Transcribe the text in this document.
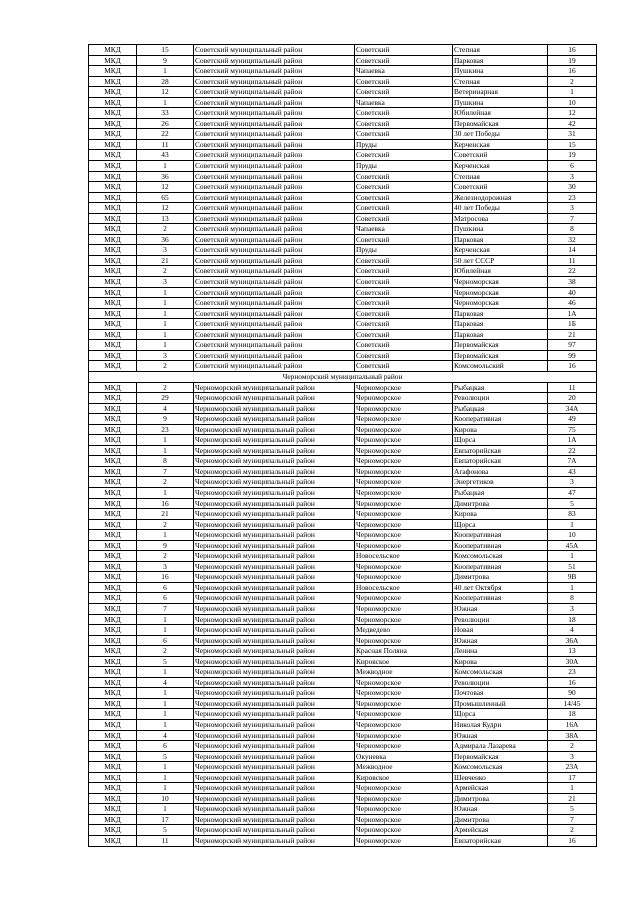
МКД	15	Советский муниципальный район	Советский	Степная	16
МКД	9	Советский муниципальный район	Советский	Парковая	19
МКД	1	Советский муниципальный район	Чапаевка	Пушкина	16
МКД	28	Советский муниципальный район	Советский	Степная	2
МКД	12	Советский муниципальный район	Советский	Ветеринарная	1
МКД	1	Советский муниципальный район	Чапаевка	Пушкина	10
МКД	33	Советский муниципальный район	Советский	Юбилейная	12
МКД	26	Советский муниципальный район	Советский	Первомайская	42
МКД	22	Советский муниципальный район	Советский	30 лет Победы	31
МКД	11	Советский муниципальный район	Пруды	Керченская	15
МКД	43	Советский муниципальный район	Советский	Советский	19
МКД	1	Советский муниципальный район	Пруды	Керченская	6
МКД	36	Советский муниципальный район	Советский	Степная	3
МКД	12	Советский муниципальный район	Советский	Советский	30
МКД	65	Советский муниципальный район	Советский	Железнодорожная	23
МКД	12	Советский муниципальный район	Советский	40 лет Победы	3
МКД	13	Советский муниципальный район	Советский	Матросова	7
МКД	2	Советский муниципальный район	Чапаевка	Пушкина	8
МКД	36	Советский муниципальный район	Советский	Парковая	32
МКД	3	Советский муниципальный район	Пруды	Керченская	14
МКД	21	Советский муниципальный район	Советский	50 лет СССР	11
МКД	2	Советский муниципальный район	Советский	Юбилейная	22
МКД	3	Советский муниципальный район	Советский	Черноморская	38
МКД	1	Советский муниципальный район	Советский	Черноморская	40
МКД	1	Советский муниципальный район	Советский	Черноморская	46
МКД	1	Советский муниципальный район	Советский	Парковая	1А
МКД	1	Советский муниципальный район	Советский	Парковая	1Б
МКД	1	Советский муниципальный район	Советский	Парковая	21
МКД	1	Советский муниципальный район	Советский	Первомайская	97
МКД	3	Советский муниципальный район	Советский	Первомайская	99
МКД	2	Советский муниципальный район	Советский	Комсомольский	16
Черноморский муниципальный район					
МКД	2	Черноморский муниципальный район	Черноморское	Рыбацкая	11
МКД	29	Черноморский муниципальный район	Черноморское	Революции	20
МКД	4	Черноморский муниципальный район	Черноморское	Рыбацкая	34А
МКД	9	Черноморский муниципальный район	Черноморское	Кооперативная	49
МКД	23	Черноморский муниципальный район	Черноморское	Кирова	75
МКД	1	Черноморский муниципальный район	Черноморское	Щорса	1А
МКД	1	Черноморский муниципальный район	Черноморское	Евпаторийская	22
МКД	8	Черноморский муниципальный район	Черноморское	Евпаторийская	7А
МКД	7	Черноморский муниципальный район	Черноморское	Агафонова	43
МКД	2	Черноморский муниципальный район	Черноморское	Энергетиков	3
МКД	1	Черноморский муниципальный район	Черноморское	Рыбацкая	47
МКД	16	Черноморский муниципальный район	Черноморское	Димитрова	5
МКД	21	Черноморский муниципальный район	Черноморское	Кирова	83
МКД	2	Черноморский муниципальный район	Черноморское	Щорса	1
МКД	1	Черноморский муниципальный район	Черноморское	Кооперативная	10
МКД	9	Черноморский муниципальный район	Черноморское	Кооперативная	45А
МКД	2	Черноморский муниципальный район	Новосельское	Комсомольская	1
МКД	3	Черноморский муниципальный район	Черноморское	Кооперативная	51
МКД	16	Черноморский муниципальный район	Черноморское	Димитрова	9В
МКД	6	Черноморский муниципальный район	Новосельское	40 лет Октября	1
МКД	6	Черноморский муниципальный район	Черноморское	Кооперативная	8
МКД	7	Черноморский муниципальный район	Черноморское	Южная	3
МКД	1	Черноморский муниципальный район	Черноморское	Революции	18
МКД	1	Черноморский муниципальный район	Медведево	Новая	4
МКД	6	Черноморский муниципальный район	Черноморское	Южная	36А
МКД	2	Черноморский муниципальный район	Красная Поляна	Ленина	13
МКД	5	Черноморский муниципальный район	Кировское	Кирова	30А
МКД	1	Черноморский муниципальный район	Межводное	Комсомольская	23
МКД	4	Черноморский муниципальный район	Черноморское	Революции	16
МКД	1	Черноморский муниципальный район	Черноморское	Почтовая	90
МКД	1	Черноморский муниципальный район	Черноморское	Промышленный	14/45
МКД	1	Черноморский муниципальный район	Черноморское	Щорса	18
МКД	1	Черноморский муниципальный район	Черноморское	Николая Кудри	16А
МКД	4	Черноморский муниципальный район	Черноморское	Южная	38А
МКД	6	Черноморский муниципальный район	Черноморское	Адмирала Лазарева	2
МКД	5	Черноморский муниципальный район	Окуневка	Первомайская	3
МКД	1	Черноморский муниципальный район	Межводное	Комсомольская	23А
МКД	1	Черноморский муниципальный район	Кировское	Шевченко	17
МКД	1	Черноморский муниципальный район	Черноморское	Армейская	1
МКД	10	Черноморский муниципальный район	Черноморское	Димитрова	21
МКД	1	Черноморский муниципальный район	Черноморское	Южная	5
МКД	17	Черноморский муниципальный район	Черноморское	Димитрова	7
МКД	5	Черноморский муниципальный район	Черноморское	Армейская	2
МКД	11	Черноморский муниципальный район	Черноморское	Евпаторийская	16
